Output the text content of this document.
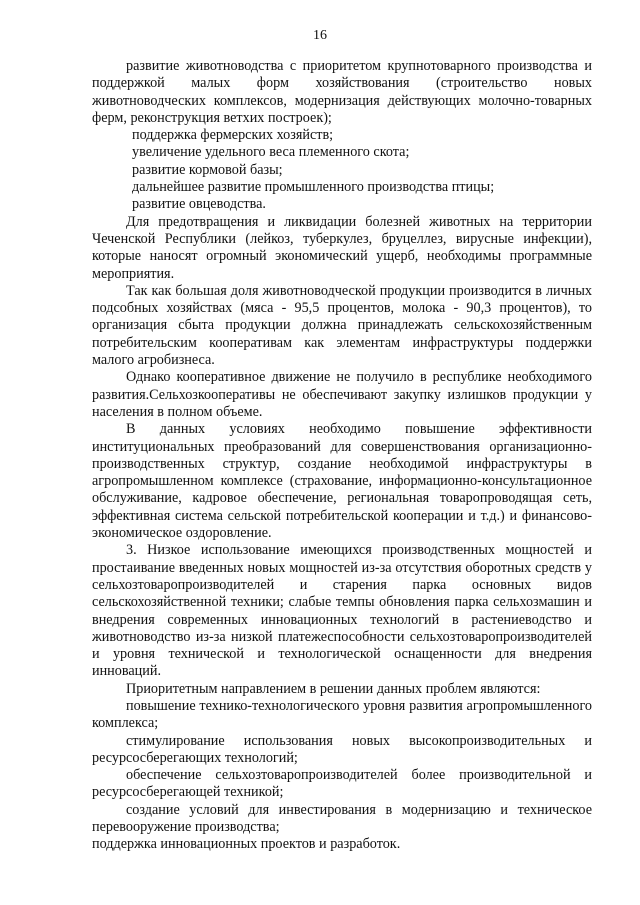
16

развитие животноводства с приоритетом крупнотоварного производства и поддержкой малых форм хозяйствования (строительство новых животноводческих комплексов, модернизация действующих молочно-товарных ферм, реконструкция ветхих построек);

поддержка фермерских хозяйств;

увеличение удельного веса племенного скота;

развитие кормовой базы;

дальнейшее развитие промышленного производства птицы;

развитие овцеводства.

Для предотвращения и ликвидации болезней животных на территории Чеченской Республики (лейкоз, туберкулез, бруцеллез, вирусные инфекции), которые наносят огромный экономический ущерб, необходимы программные мероприятия.

Так как большая доля животноводческой продукции производится в личных подсобных хозяйствах (мяса - 95,5 процентов, молока - 90,3 процентов), то организация сбыта продукции должна принадлежать сельскохозяйственным потребительским кооперативам как элементам инфраструктуры поддержки малого агробизнеса.

Однако кооперативное движение не получило в республике необходимого развития.Сельхозкооперативы не обеспечивают закупку излишков продукции у населения в полном объеме.

В данных условиях необходимо повышение эффективности институциональных преобразований для совершенствования организационно-производственных структур, создание необходимой инфраструктуры в агропромышленном комплексе (страхование, информационно-консультационное обслуживание, кадровое обеспечение, региональная товаропроводящая сеть, эффективная система сельской потребительской кооперации и т.д.) и финансово-экономическое оздоровление.

3. Низкое использование имеющихся производственных мощностей и простаивание введенных новых мощностей из-за отсутствия оборотных средств у сельхозтоваропроизводителей и старения парка основных видов сельскохозяйственной техники; слабые темпы обновления парка сельхозмашин и внедрения современных инновационных технологий в растениеводство и животноводство из-за низкой платежеспособности сельхозтоваропроизводителей и уровня технической и технологической оснащенности для внедрения инноваций.

Приоритетным направлением в решении данных проблем являются:

повышение технико-технологического уровня развития агропромышленного комплекса;

стимулирование использования новых высокопроизводительных и ресурсосберегающих технологий;

обеспечение сельхозтоваропроизводителей более производительной и ресурсосберегающей техникой;

создание условий для инвестирования в модернизацию и техническое перевооружение производства;

поддержка инновационных проектов и разработок.
